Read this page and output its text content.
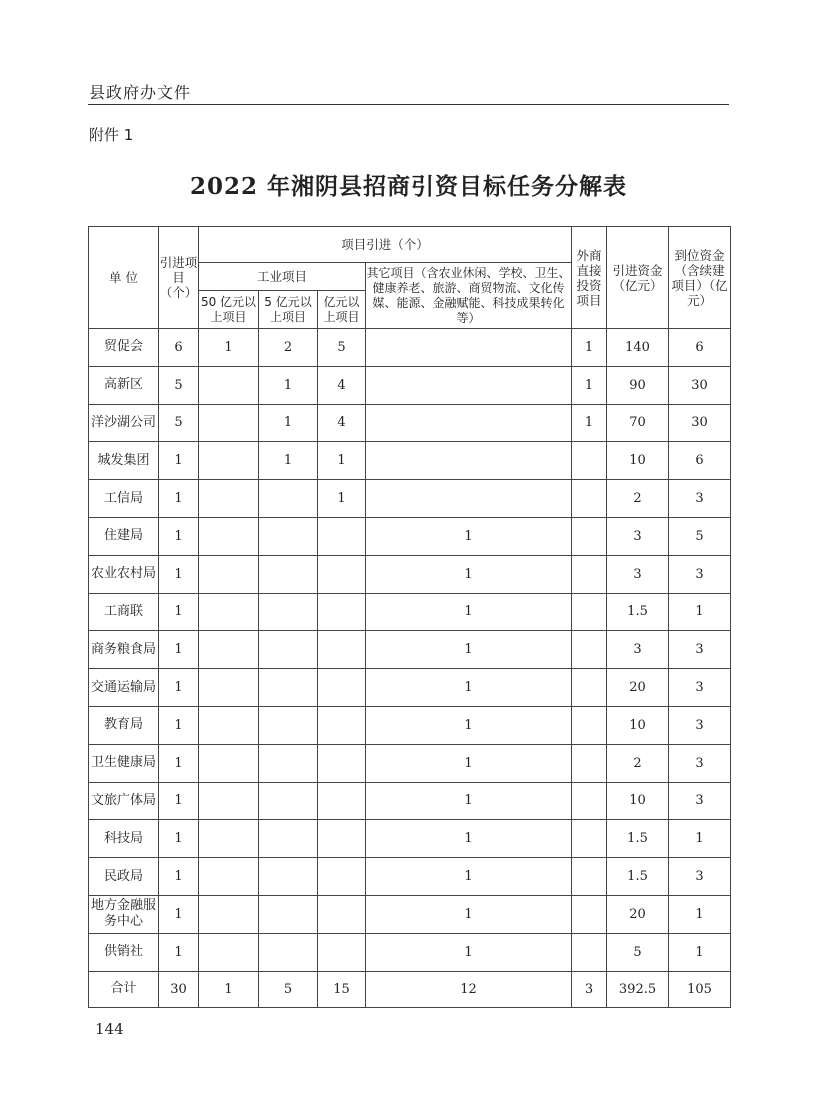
县政府办文件
附件 1
2022 年湘阴县招商引资目标任务分解表
单 位	引进项目（个）	项目引进（个）				外商直接投资项目	引进资金（亿元）	到位资金（含续建项目）（亿元）
		工业项目			其它项目（含农业休闲、学校、卫生、健康养老、旅游、商贸物流、文化传媒、能源、金融赋能、科技成果转化等）			
		50 亿元以上项目	5 亿元以上项目	亿元以上项目				
贸促会	6	1	2	5		1	140	6
高新区	5		1	4		1	90	30
洋沙湖公司	5		1	4		1	70	30
城发集团	1		1	1			10	6
工信局	1			1			2	3
住建局	1				1		3	5
农业农村局	1				1		3	3
工商联	1				1		1.5	1
商务粮食局	1				1		3	3
交通运输局	1				1		20	3
教育局	1				1		10	3
卫生健康局	1				1		2	3
文旅广体局	1				1		10	3
科技局	1				1		1.5	1
民政局	1				1		1.5	3
地方金融服务中心	1				1		20	1
供销社	1				1		5	1
合计	30	1	5	15	12	3	392.5	105
144
